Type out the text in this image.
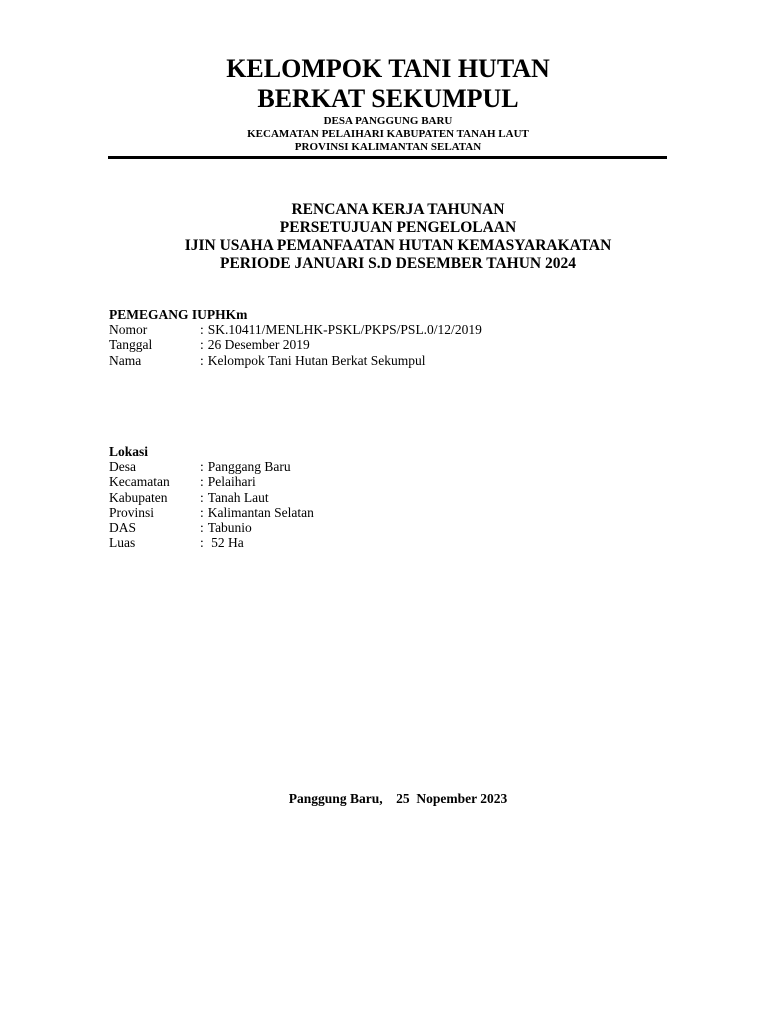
KELOMPOK TANI HUTAN
BERKAT SEKUMPUL
DESA PANGGUNG BARU
KECAMATAN PELAIHARI KABUPATEN TANAH LAUT
PROVINSI KALIMANTAN SELATAN
RENCANA KERJA TAHUNAN
PERSETUJUAN PENGELOLAAN
IJIN USAHA PEMANFAATAN HUTAN KEMASYARAKATAN
PERIODE JANUARI S.D DESEMBER TAHUN 2024
PEMEGANG IUPHKm
Nomor	: SK.10411/MENLHK-PSKL/PKPS/PSL.0/12/2019
Tanggal	: 26 Desember 2019
Nama	: Kelompok Tani Hutan Berkat Sekumpul
Lokasi
Desa	: Panggang Baru
Kecamatan	: Pelaihari
Kabupaten	: Tanah Laut
Provinsi	: Kalimantan Selatan
DAS	: Tabunio
Luas	: 52 Ha
Panggung Baru,    25  Nopember 2023
